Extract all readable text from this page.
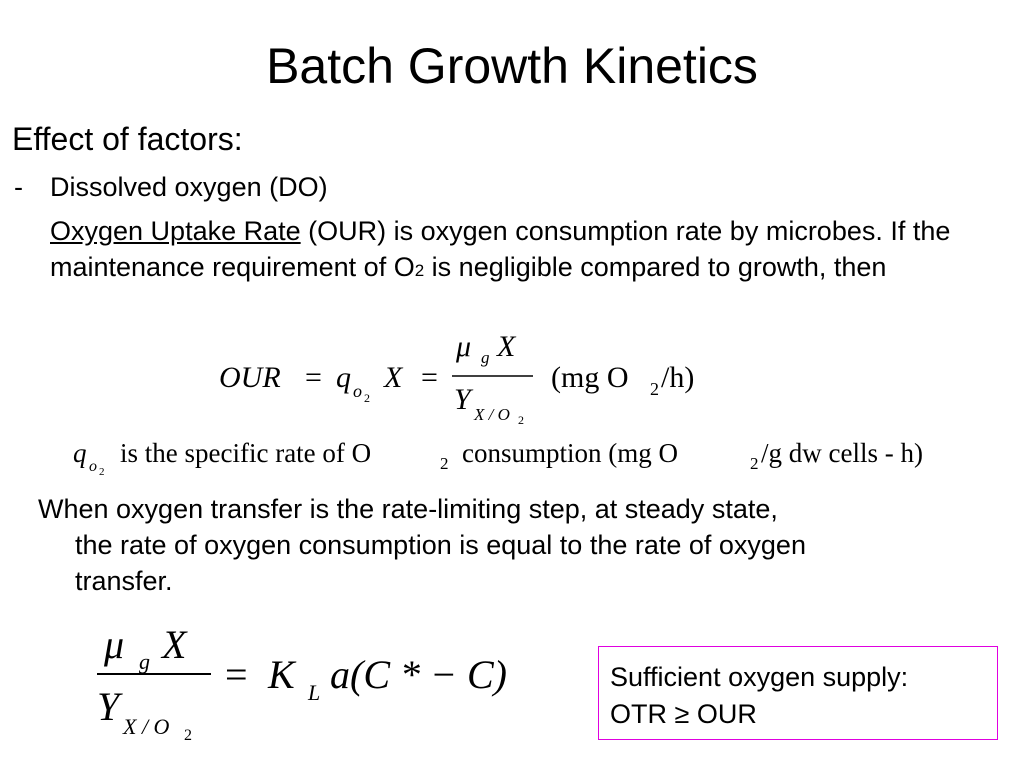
Batch Growth Kinetics
Effect of factors:
- Dissolved oxygen (DO)
Oxygen Uptake Rate (OUR) is oxygen consumption rate by microbes. If the maintenance requirement of O2 is negligible compared to growth, then
OUR = q o 2
X =
μ g X
Y X / O 2
(mg O 2 /h)
q o 2
is the specific rate of O	2 consumption (mg O	2 /g dw cells - h)
When oxygen transfer is the rate-limiting step, at steady state,
the rate of oxygen consumption is equal to the rate of oxygen
transfer.
μ g X
Y X / O 2
= K L a(C * − C)	Sufficient oxygen supply:
OTR ≥ OUR
